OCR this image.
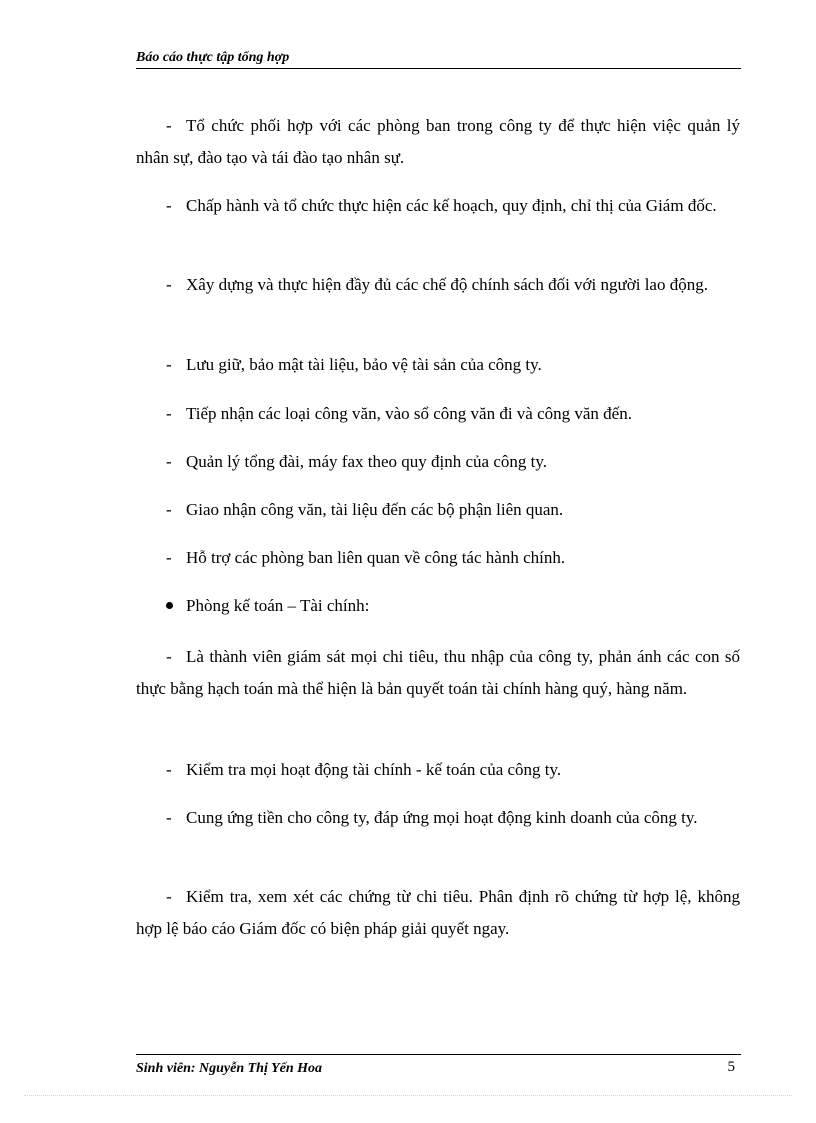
Báo cáo thực tập tổng hợp
- Tổ chức phối hợp với các phòng ban trong công ty để thực hiện việc quản lý nhân sự, đào tạo và tái đào tạo nhân sự.
- Chấp hành và tổ chức thực hiện các kế hoạch, quy định, chỉ thị của Giám đốc.
- Xây dựng và thực hiện đầy đủ các chế độ chính sách đối với người lao động.
- Lưu giữ, bảo mật tài liệu, bảo vệ tài sản của công ty.
- Tiếp nhận các loại công văn, vào sổ công văn đi và công văn đến.
- Quản lý tổng đài, máy fax theo quy định của công ty.
- Giao nhận công văn, tài liệu đến các bộ phận liên quan.
- Hỗ trợ các phòng ban liên quan về công tác hành chính.
Phòng kế toán – Tài chính:
- Là thành viên giám sát mọi chi tiêu, thu nhập của công ty, phản ánh các con số thực bằng hạch toán mà thể hiện là bản quyết toán tài chính hàng quý, hàng năm.
- Kiểm tra mọi hoạt động tài chính - kế toán của công ty.
- Cung ứng tiền cho công ty, đáp ứng mọi hoạt động kinh doanh của công ty.
- Kiểm tra, xem xét các chứng từ chi tiêu. Phân định rõ chứng từ hợp lệ, không hợp lệ báo cáo Giám đốc có biện pháp giải quyết ngay.
Sinh viên: Nguyễn Thị Yến Hoa	5
